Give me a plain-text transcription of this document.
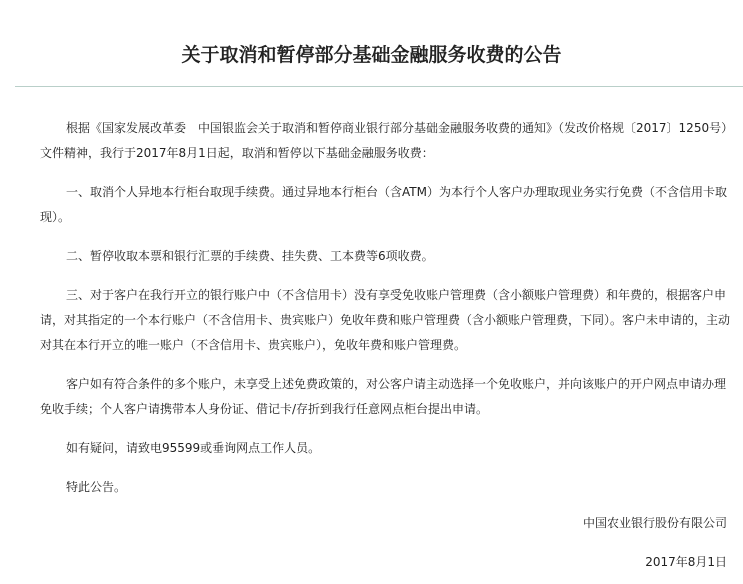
关于取消和暂停部分基础金融服务收费的公告

根据《国家发展改革委　中国银监会关于取消和暂停商业银行部分基础金融服务收费的通知》（发改价格规〔2017〕1250号）文件精神，我行于2017年8月1日起，取消和暂停以下基础金融服务收费：

一、取消个人异地本行柜台取现手续费。通过异地本行柜台（含ATM）为本行个人客户办理取现业务实行免费（不含信用卡取现）。

二、暂停收取本票和银行汇票的手续费、挂失费、工本费等6项收费。

三、对于客户在我行开立的银行账户中（不含信用卡）没有享受免收账户管理费（含小额账户管理费）和年费的，根据客户申请，对其指定的一个本行账户（不含信用卡、贵宾账户）免收年费和账户管理费（含小额账户管理费，下同）。客户未申请的，主动对其在本行开立的唯一账户（不含信用卡、贵宾账户），免收年费和账户管理费。

客户如有符合条件的多个账户，未享受上述免费政策的，对公客户请主动选择一个免收账户，并向该账户的开户网点申请办理免收手续；个人客户请携带本人身份证、借记卡/存折到我行任意网点柜台提出申请。

如有疑问，请致电95599或垂询网点工作人员。

特此公告。

中国农业银行股份有限公司
2017年8月1日
